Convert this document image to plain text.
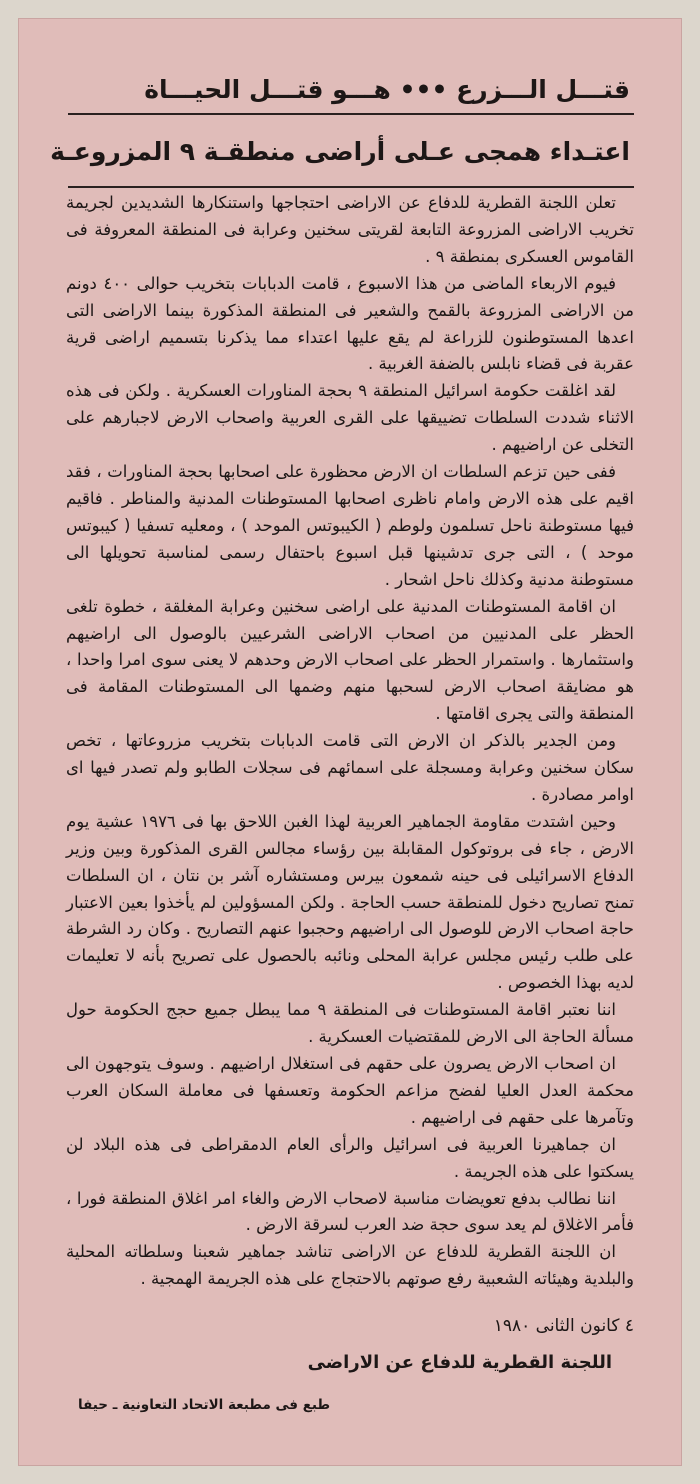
قتـــل الـــزرع ••• هـــو قتـــل الحيـــاة
اعتـداء همجى عـلى أراضى منطقـة ٩ المزروعـة

تعلن اللجنة القطرية للدفاع عن الاراضى احتجاجها واستنكارها الشديدين لجريمة تخريب الاراضى المزروعة التابعة لقريتى سخنين وعرابة فى المنطقة المعروفة فى القاموس العسكرى بمنطقة ٩ .

فيوم الاربعاء الماضى من هذا الاسبوع ، قامت الدبابات بتخريب حوالى ٤٠٠ دونم من الاراضى المزروعة بالقمح والشعير فى المنطقة المذكورة بينما الاراضى التى اعدها المستوطنون للزراعة لم يقع عليها اعتداء مما يذكرنا بتسميم اراضى قرية عقربة فى قضاء نابلس بالضفة الغربية .

لقد اغلقت حكومة اسرائيل المنطقة ٩ بحجة المناورات العسكرية . ولكن فى هذه الاثناء شددت السلطات تضييقها على القرى العربية واصحاب الارض لاجبارهم على التخلى عن اراضيهم .

ففى حين تزعم السلطات ان الارض محظورة على اصحابها بحجة المناورات ، فقد اقيم على هذه الارض وامام ناظرى اصحابها المستوطنات المدنية والمناطر . فاقيم فيها مستوطنة ناحل تسلمون ولوطم ( الكيبوتس الموحد ) ، ومعليه تسفيا ( كيبوتس موحد ) ، التى جرى تدشينها قبل اسبوع باحتفال رسمى لمناسبة تحويلها الى مستوطنة مدنية وكذلك ناحل اشحار .

ان اقامة المستوطنات المدنية على اراضى سخنين وعرابة المغلقة ، خطوة تلغى الحظر على المدنيين من اصحاب الاراضى الشرعيين بالوصول الى اراضيهم واستثمارها . واستمرار الحظر على اصحاب الارض وحدهم لا يعنى سوى امرا واحدا ، هو مضايقة اصحاب الارض لسحبها منهم وضمها الى المستوطنات المقامة فى المنطقة والتى يجرى اقامتها .

ومن الجدير بالذكر ان الارض التى قامت الدبابات بتخريب مزروعاتها ، تخص سكان سخنين وعرابة ومسجلة على اسمائهم فى سجلات الطابو ولم تصدر فيها اى اوامر مصادرة .

وحين اشتدت مقاومة الجماهير العربية لهذا الغبن اللاحق بها فى ١٩٧٦ عشية يوم الارض ، جاء فى بروتوكول المقابلة بين رؤساء مجالس القرى المذكورة وبين وزير الدفاع الاسرائيلى فى حينه شمعون بيرس ومستشاره آشر بن نتان ، ان السلطات تمنح تصاريح دخول للمنطقة حسب الحاجة . ولكن المسؤولين لم يأخذوا بعين الاعتبار حاجة اصحاب الارض للوصول الى اراضيهم وحجبوا عنهم التصاريح . وكان رد الشرطة على طلب رئيس مجلس عرابة المحلى ونائبه بالحصول على تصريح بأنه لا تعليمات لديه بهذا الخصوص .

اننا نعتبر اقامة المستوطنات فى المنطقة ٩ مما يبطل جميع حجج الحكومة حول مسألة الحاجة الى الارض للمقتضيات العسكرية .

ان اصحاب الارض يصرون على حقهم فى استغلال اراضيهم . وسوف يتوجهون الى محكمة العدل العليا لفضح مزاعم الحكومة وتعسفها فى معاملة السكان العرب وتآمرها على حقهم فى اراضيهم .

ان جماهيرنا العربية فى اسرائيل والرأى العام الدمقراطى فى هذه البلاد لن يسكتوا على هذه الجريمة .

اننا نطالب بدفع تعويضات مناسبة لاصحاب الارض والغاء امر اغلاق المنطقة فورا ، فأمر الاغلاق لم يعد سوى حجة ضد العرب لسرقة الارض .

ان اللجنة القطرية للدفاع عن الاراضى تناشد جماهير شعبنا وسلطاته المحلية والبلدية وهيئاته الشعبية رفع صوتهم بالاحتجاج على هذه الجريمة الهمجية .

٤ كانون الثانى ١٩٨٠
اللجنة القطرية للدفاع عن الاراضى
طبع فى مطبعة الاتحاد التعاونية ـ حيفا
